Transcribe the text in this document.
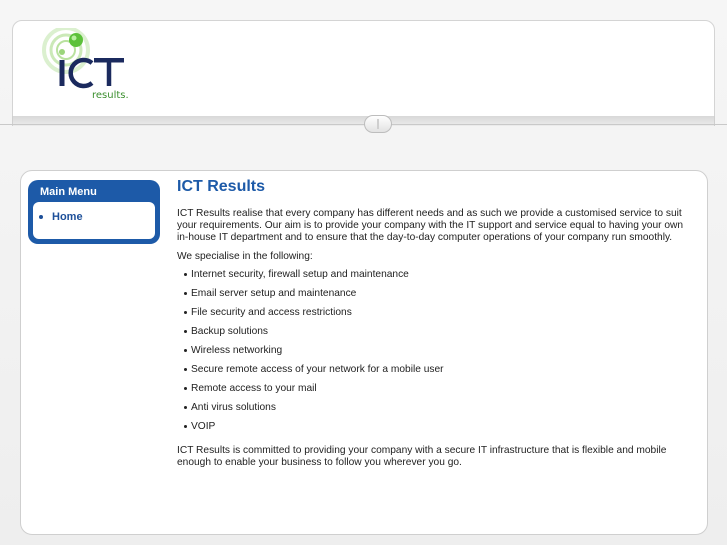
results.
Main Menu
Home
ICT Results

ICT Results realise that every company has different needs and as such we provide a customised service to suit your requirements. Our aim is to provide your company with the IT support and service equal to having your own in-house IT department and to ensure that the day-to-day computer operations of your company run smoothly.

We specialise in the following:

Internet security, firewall setup and maintenance
Email server setup and maintenance
File security and access restrictions
Backup solutions
Wireless networking
Secure remote access of your network for a mobile user
Remote access to your mail
Anti virus solutions
VOIP

ICT Results is committed to providing your company with a secure IT infrastructure that is flexible and mobile enough to enable your business to follow you wherever you go.
